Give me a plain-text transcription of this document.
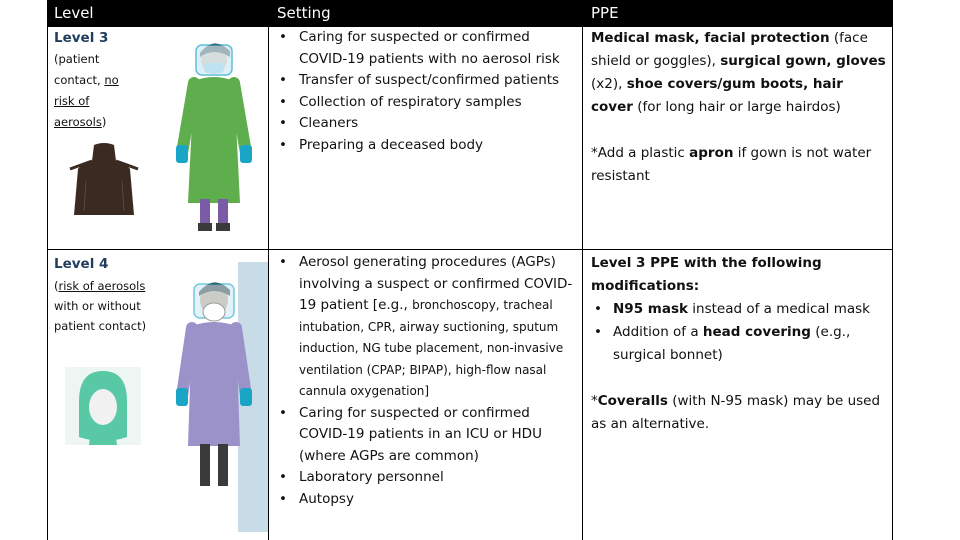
Level	Setting	PPE
Level 3
(patient contact, no risk of aerosols)
• Caring for suspected or confirmed COVID-19 patients with no aerosol risk
• Transfer of suspect/confirmed patients
• Collection of respiratory samples
• Cleaners
• Preparing a deceased body
Medical mask, facial protection (face shield or goggles), surgical gown, gloves (x2), shoe covers/gum boots, hair cover (for long hair or large hairdos)
*Add a plastic apron if gown is not water resistant
Level 4
(risk of aerosols with or without patient contact)
• Aerosol generating procedures (AGPs) involving a suspect or confirmed COVID-19 patient [e.g., bronchoscopy, tracheal intubation, CPR, airway suctioning, sputum induction, NG tube placement, non-invasive ventilation (CPAP; BIPAP), high-flow nasal cannula oxygenation]
• Caring for suspected or confirmed COVID-19 patients in an ICU or HDU (where AGPs are common)
• Laboratory personnel
• Autopsy
Level 3 PPE with the following modifications:
• N95 mask instead of a medical mask
• Addition of a head covering (e.g., surgical bonnet)
*Coveralls (with N-95 mask) may be used as an alternative.
